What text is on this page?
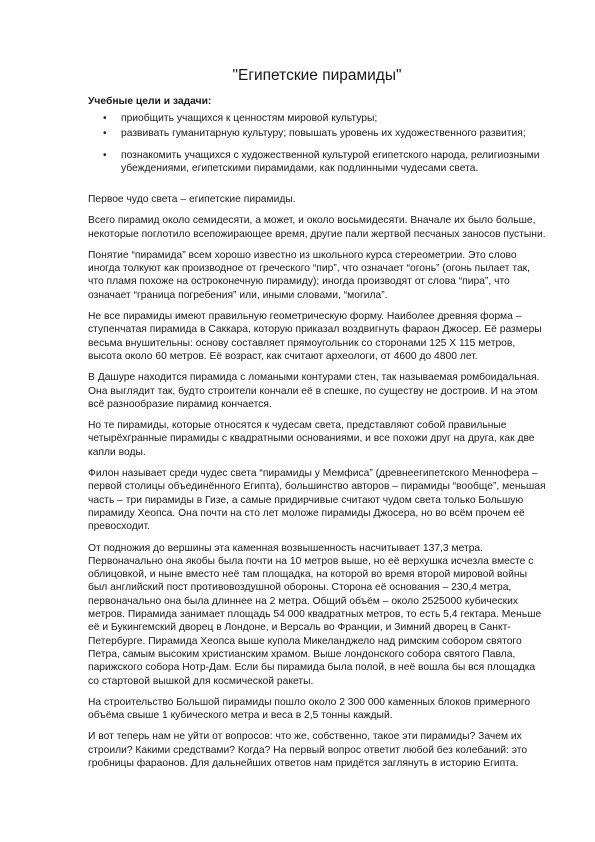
"Египетские пирамиды"
Учебные цели и задачи:
• приобщить учащихся к ценностям мировой культуры;
• развивать гуманитарную культуру; повышать уровень их художественного развития;
• познакомить учащихся с художественной культурой египетского народа, религиозными убеждениями, египетскими пирамидами, как подлинными чудесами света.

Первое чудо света – египетские пирамиды.

Всего пирамид около семидесяти, а может, и около восьмидесяти. Вначале их было больше, некоторые поглотило всепожирающее время, другие пали жертвой песчаных заносов пустыни.

Понятие “пирамида” всем хорошо известно из школьного курса стереометрии. Это слово иногда толкуют как производное от греческого “пир”, что означает “огонь” (огонь пылает так, что пламя похоже на остроконечную пирамиду); иногда производят от слова “пира”, что означает “граница погребения” или, иными словами, “могила”.

Не все пирамиды имеют правильную геометрическую форму. Наиболее древняя форма – ступенчатая пирамида в Саккара, которую приказал воздвигнуть фараон Джосер. Её размеры весьма внушительны: основу составляет прямоугольник со сторонами 125 X 115 метров, высота около 60 метров. Её возраст, как считают археологи, от 4600 до 4800 лет.

В Дашуре находится пирамида с ломаными контурами стен, так называемая ромбоидальная. Она выглядит так, будто строители кончали её в спешке, по существу не достроив. И на этом всё разнообразие пирамид кончается.

Но те пирамиды, которые относятся к чудесам света, представляют собой правильные четырёхгранные пирамиды с квадратными основаниями, и все похожи друг на друга, как две капли воды.

Филон называет среди чудес света “пирамиды у Мемфиса” (древнеегипетского Меннофера – первой столицы объединённого Египта), большинство авторов – пирамиды “вообще”, меньшая часть – три пирамиды в Гизе, а самые придирчивые считают чудом света только Большую пирамиду Хеопса. Она почти на сто лет моложе пирамиды Джосера, но во всём прочем её превосходит.

От подножия до вершины эта каменная возвышенность насчитывает 137,3 метра. Первоначально она якобы была почти на 10 метров выше, но её верхушка исчезла вместе с облицовкой, и ныне вместо неё там площадка, на которой во время второй мировой войны был английский пост противовоздушной обороны. Сторона её основания – 230,4 метра, первоначально она была длиннее на 2 метра. Общий объём – около 2525000 кубических метров. Пирамида занимает площадь 54 000 квадратных метров, то есть 5,4 гектара. Меньше её и Букингемский дворец в Лондоне, и Версаль во Франции, и Зимний дворец в Санкт-Петербурге. Пирамида Хеопса выше купола Микеланджело над римским собором святого Петра, самым высоким христианским храмом. Выше лондонского собора святого Павла, парижского собора Нотр-Дам. Если бы пирамида была полой, в неё вошла бы вся площадка со стартовой вышкой для космической ракеты.

На строительство Большой пирамиды пошло около 2 300 000 каменных блоков примерного объёма свыше 1 кубического метра и веса в 2,5 тонны каждый.

И вот теперь нам не уйти от вопросов: что же, собственно, такое эти пирамиды? Зачем их строили? Какими средствами? Когда? На первый вопрос ответит любой без колебаний: это гробницы фараонов. Для дальнейших ответов нам придётся заглянуть в историю Египта.
